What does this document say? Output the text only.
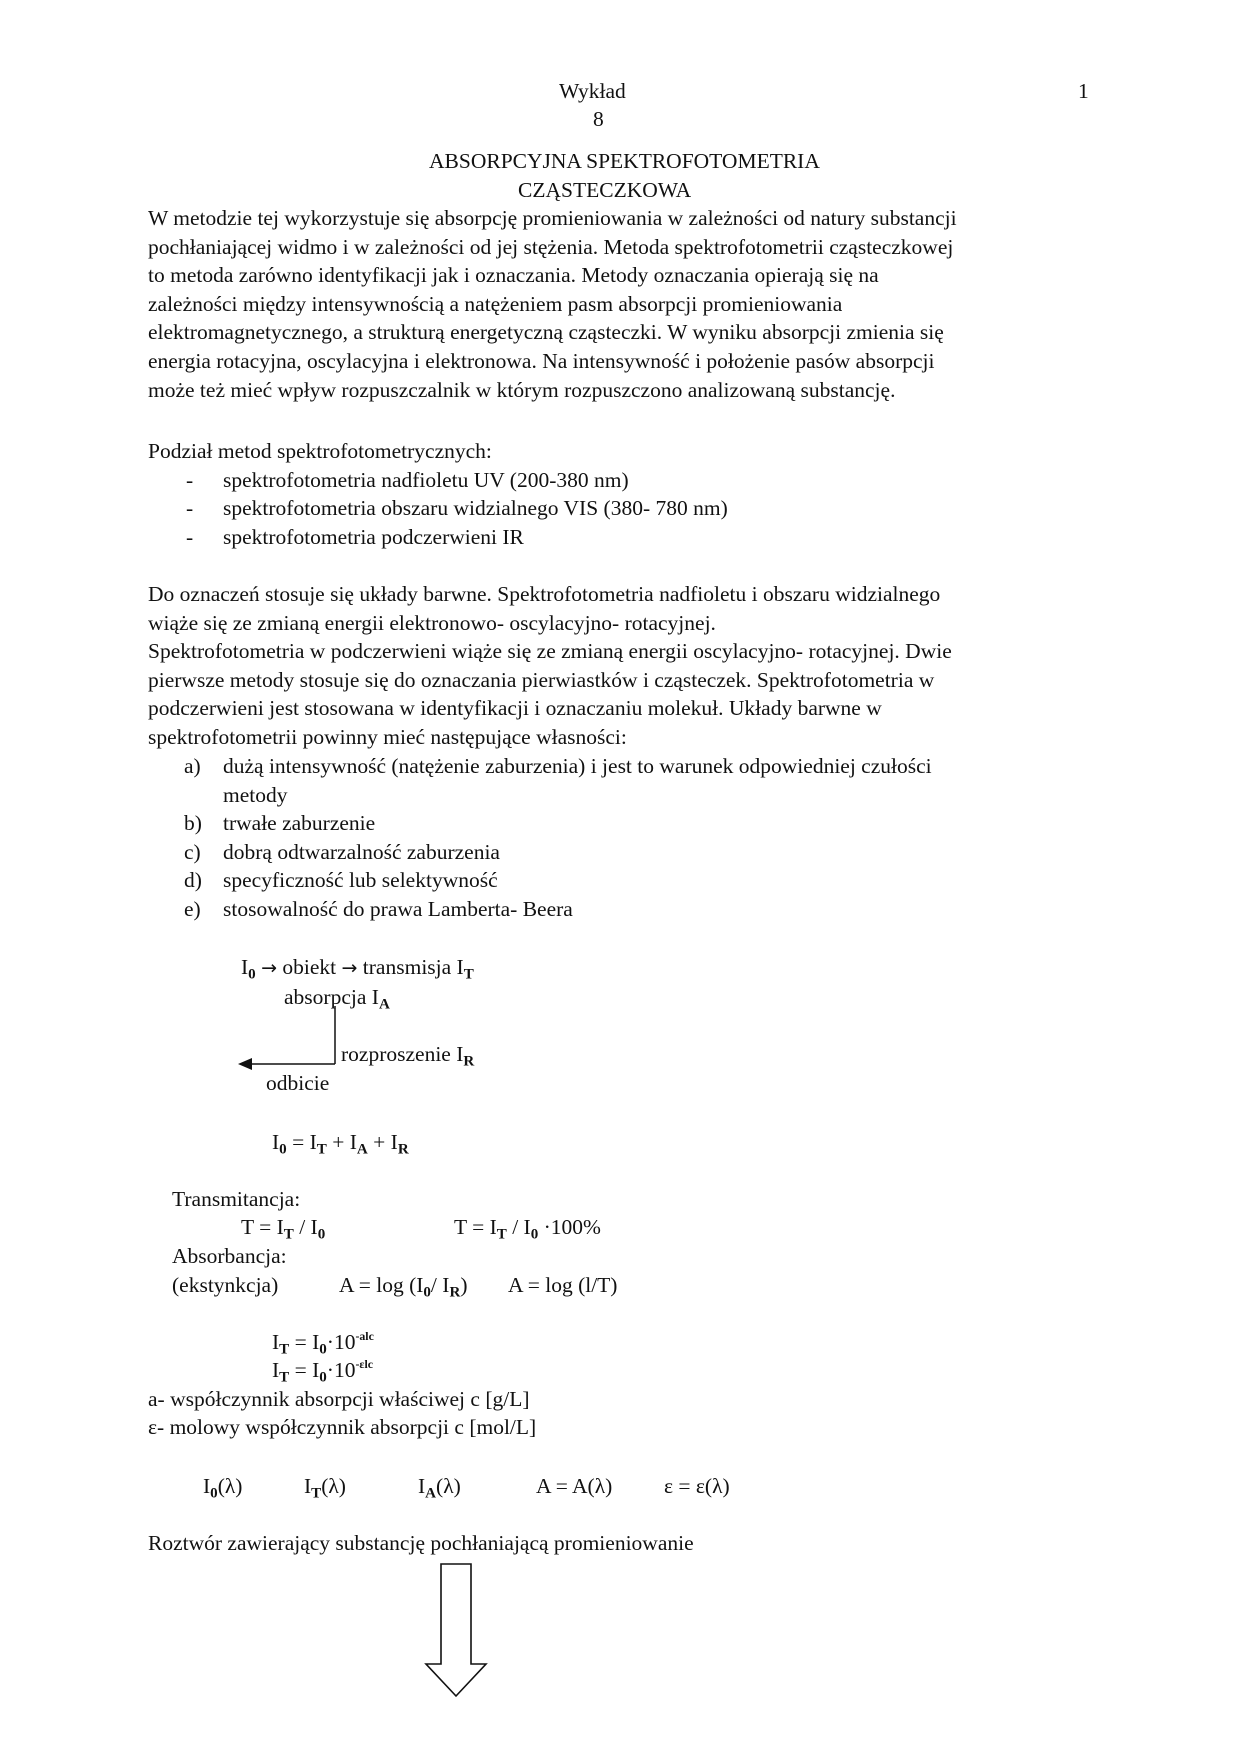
Wykład	1
8
ABSORPCYJNA SPEKTROFOTOMETRIA
CZĄSTECZKOWA
W metodzie tej wykorzystuje się absorpcję promieniowania w zależności od natury substancji
pochłaniającej widmo i w zależności od jej stężenia. Metoda spektrofotometrii cząsteczkowej
to metoda zarówno identyfikacji jak i oznaczania. Metody oznaczania opierają się na
zależności między intensywnością a natężeniem pasm absorpcji promieniowania
elektromagnetycznego, a strukturą energetyczną cząsteczki. W wyniku absorpcji zmienia się
energia rotacyjna, oscylacyjna i elektronowa. Na intensywność i położenie pasów absorpcji
może też mieć wpływ rozpuszczalnik w którym rozpuszczono analizowaną substancję.
Podział metod spektrofotometrycznych:
- spektrofotometria nadfioletu UV (200-380 nm)
- spektrofotometria obszaru widzialnego VIS (380- 780 nm)
- spektrofotometria podczerwieni IR
Do oznaczeń stosuje się układy barwne. Spektrofotometria nadfioletu i obszaru widzialnego
wiąże się ze zmianą energii elektronowo- oscylacyjno- rotacyjnej.
Spektrofotometria w podczerwieni wiąże się ze zmianą energii oscylacyjno- rotacyjnej. Dwie
pierwsze metody stosuje się do oznaczania pierwiastków i cząsteczek. Spektrofotometria w
podczerwieni jest stosowana w identyfikacji i oznaczaniu molekuł. Układy barwne w
spektrofotometrii powinny mieć następujące własności:
a) dużą intensywność (natężenie zaburzenia) i jest to warunek odpowiedniej czułości
metody
b) trwałe zaburzenie
c) dobrą odtwarzalność zaburzenia
d) specyficzność lub selektywność
e) stosowalność do prawa Lamberta- Beera
$I_0$ → obiekt → transmisja $I_T$
absorpcja $I_A$
rozproszenie $I_R$
odbicie
$I_0 = I_T + I_A + I_R$
Transmitancja:
$T = I_T / I_0$	$T = I_T / I_0 \cdot 100\%$
Absorbancja:
(ekstynkcja)	$A = \log (I_0/$ $I_R$) A = log (l/T)
$I_T = I_0\cdot 10^{-alc}$
$I_T = I_0\cdot 10^{-\varepsilon lc}$
a- współczynnik absorpcji właściwej c [g/L]
ε- molowy współczynnik absorpcji c [mol/L]
$I_0(\lambda)$	$I_T(\lambda)$	$I_A(\lambda)$	A = A(λ) ε = ε(λ)
Roztwór zawierający substancję pochłaniającą promieniowanie
